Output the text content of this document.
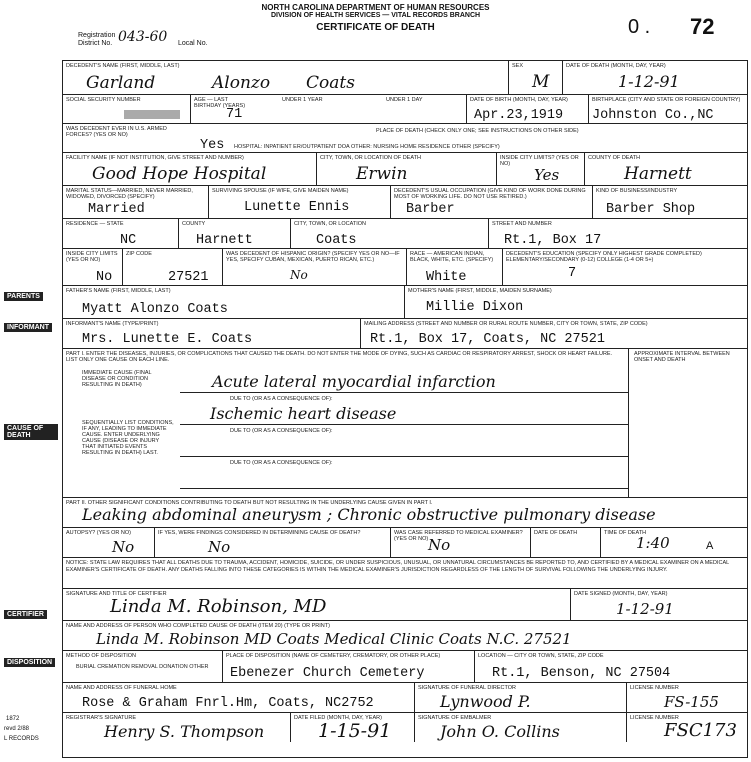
NORTH CAROLINA DEPARTMENT OF HUMAN RESOURCES
DIVISION OF HEALTH SERVICES — VITAL RECORDS BRANCH
CERTIFICATE OF DEATH
Registration
District No. 043-60 Local No.
0 . 72
PARENTS
INFORMANT
CAUSE OF DEATH
CERTIFIER
DISPOSITION
1872
revd 2/88
L RECORDS
DECEDENT'S NAME (FIRST, MIDDLE, LAST)
Garland	Alonzo Coats
SEX
M
DATE OF DEATH (MONTH, DAY, YEAR)
1-12-91
SOCIAL SECURITY NUMBER	AGE — LAST BIRTHDAY (YEARS)
71
UNDER 1 YEAR	UNDER 1 DAY	DATE OF BIRTH (MONTH, DAY, YEAR)
Apr.23,1919
BIRTHPLACE (CITY AND STATE OR FOREIGN COUNTRY)
Johnston Co.,NC
WAS DECEDENT EVER IN U.S. ARMED FORCES? (YES OR NO)
Yes
PLACE OF DEATH (CHECK ONLY ONE; SEE INSTRUCTIONS ON OTHER SIDE)
HOSPITAL: INPATIENT ER/OUTPATIENT DOA OTHER: NURSING HOME RESIDENCE OTHER (SPECIFY)
FACILITY NAME (IF NOT INSTITUTION, GIVE STREET AND NUMBER)
Good Hope Hospital
CITY, TOWN, OR LOCATION OF DEATH
Erwin
INSIDE CITY LIMITS? (YES OR NO)
Yes
COUNTY OF DEATH
Harnett
MARITAL STATUS—MARRIED, NEVER MARRIED, WIDOWED, DIVORCED (SPECIFY)
Married
SURVIVING SPOUSE (IF WIFE, GIVE MAIDEN NAME)
Lunette Ennis
DECEDENT'S USUAL OCCUPATION (GIVE KIND OF WORK DONE DURING MOST OF WORKING LIFE. DO NOT USE RETIRED.)
Barber
KIND OF BUSINESS/INDUSTRY
Barber Shop
RESIDENCE — STATE
NC
COUNTY
Harnett
CITY, TOWN, OR LOCATION
Coats
STREET AND NUMBER
Rt.1, Box 17
INSIDE CITY LIMITS (YES OR NO)
No
ZIP CODE
27521
WAS DECEDENT OF HISPANIC ORIGIN? (SPECIFY YES OR NO—IF YES, SPECIFY CUBAN, MEXICAN, PUERTO RICAN, ETC.)
No
RACE — AMERICAN INDIAN, BLACK, WHITE, ETC. (SPECIFY)
White
DECEDENT'S EDUCATION (SPECIFY ONLY HIGHEST GRADE COMPLETED) ELEMENTARY/SECONDARY (0-12) COLLEGE (1-4 OR 5+)
7
FATHER'S NAME (FIRST, MIDDLE, LAST)
Myatt Alonzo Coats
MOTHER'S NAME (FIRST, MIDDLE, MAIDEN SURNAME)
Millie Dixon
INFORMANT'S NAME (TYPE/PRINT)
Mrs. Lunette E. Coats
MAILING ADDRESS (STREET AND NUMBER OR RURAL ROUTE NUMBER, CITY OR TOWN, STATE, ZIP CODE)
Rt.1, Box 17, Coats, NC 27521
PART I. ENTER THE DISEASES, INJURIES, OR COMPLICATIONS THAT CAUSED THE DEATH. DO NOT ENTER THE MODE OF DYING, SUCH AS CARDIAC OR RESPIRATORY ARREST, SHOCK OR HEART FAILURE. LIST ONLY ONE CAUSE ON EACH LINE.
APPROXIMATE INTERVAL BETWEEN ONSET AND DEATH
IMMEDIATE CAUSE (FINAL DISEASE OR CONDITION RESULTING IN DEATH)	Acute lateral myocardial infarction
DUE TO (OR AS A CONSEQUENCE OF):
Ischemic heart disease
DUE TO (OR AS A CONSEQUENCE OF):
DUE TO (OR AS A CONSEQUENCE OF):
SEQUENTIALLY LIST CONDITIONS, IF ANY, LEADING TO IMMEDIATE CAUSE. ENTER UNDERLYING CAUSE (DISEASE OR INJURY THAT INITIATED EVENTS RESULTING IN DEATH) LAST.
PART II. OTHER SIGNIFICANT CONDITIONS CONTRIBUTING TO DEATH BUT NOT RESULTING IN THE UNDERLYING CAUSE GIVEN IN PART I.
Leaking abdominal aneurysm ; Chronic obstructive pulmonary disease
AUTOPSY? (YES OR NO)
No
IF YES, WERE FINDINGS CONSIDERED IN DETERMINING CAUSE OF DEATH?
No
WAS CASE REFERRED TO MEDICAL EXAMINER? (YES OR NO) No
DATE OF DEATH	TIME OF DEATH
1:40	A
NOTICE: STATE LAW REQUIRES THAT ALL DEATHS DUE TO TRAUMA, ACCIDENT, HOMICIDE, SUICIDE, OR UNDER SUSPICIOUS, UNUSUAL, OR UNNATURAL CIRCUMSTANCES BE REPORTED TO, AND CERTIFIED BY A MEDICAL EXAMINER ON A MEDICAL EXAMINER'S CERTIFICATE OF DEATH. ANY DEATHS FALLING INTO THESE CATEGORIES IS WITHIN THE MEDICAL EXAMINER'S JURISDICTION REGARDLESS OF THE LENGTH OF SURVIVAL FOLLOWING THE UNDERLYING INJURY.
SIGNATURE AND TITLE OF CERTIFIER
Linda M. Robinson, MD
DATE SIGNED (MONTH, DAY, YEAR)
1-12-91
NAME AND ADDRESS OF PERSON WHO COMPLETED CAUSE OF DEATH (ITEM 20) (TYPE OR PRINT)
Linda M. Robinson MD Coats Medical Clinic Coats N.C. 27521
METHOD OF DISPOSITION
BURIAL CREMATION REMOVAL DONATION OTHER
PLACE OF DISPOSITION (NAME OF CEMETERY, CREMATORY, OR OTHER PLACE)
Ebenezer Church Cemetery
LOCATION — CITY OR TOWN, STATE, ZIP CODE
Rt.1, Benson, NC 27504
NAME AND ADDRESS OF FUNERAL HOME
Rose & Graham Fnrl.Hm, Coats, NC2752
SIGNATURE OF FUNERAL DIRECTOR
Lynwood P.
LICENSE NUMBER
FS-155
REGISTRAR'S SIGNATURE
Henry S. Thompson
DATE FILED (MONTH, DAY, YEAR)
1-15-91
SIGNATURE OF EMBALMER
John O. Collins
LICENSE NUMBER
FSC173
